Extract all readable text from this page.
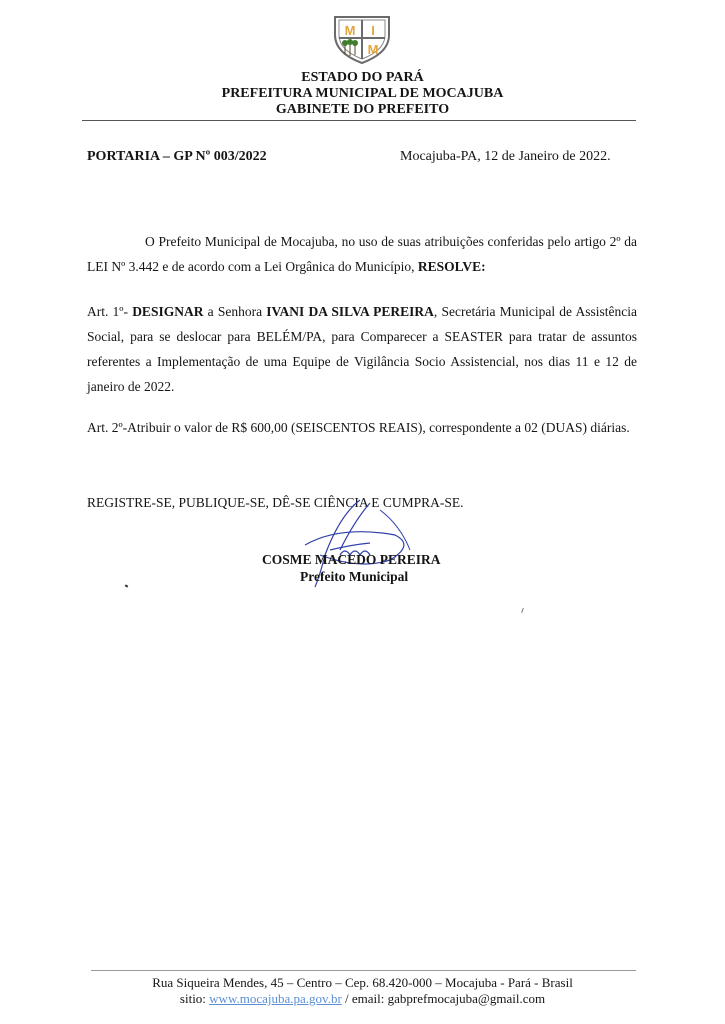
M I
M
ESTADO DO PARÁ
PREFEITURA MUNICIPAL DE MOCAJUBA
GABINETE DO PREFEITO
PORTARIA – GP Nº 003/2022	Mocajuba-PA, 12 de Janeiro de 2022.
O Prefeito Municipal de Mocajuba, no uso de suas atribuições conferidas pelo artigo 2º da LEI Nº 3.442 e de acordo com a Lei Orgânica do Município, RESOLVE:
Art. 1º- DESIGNAR a Senhora IVANI DA SILVA PEREIRA, Secretária Municipal de Assistência Social, para se deslocar para BELÉM/PA, para Comparecer a SEASTER para tratar de assuntos referentes a Implementação de uma Equipe de Vigilância Socio Assistencial, nos dias 11 e 12 de janeiro de 2022.
Art. 2º-Atribuir o valor de R$ 600,00 (SEISCENTOS REAIS), correspondente a 02 (DUAS) diárias.
REGISTRE-SE, PUBLIQUE-SE, DÊ-SE CIÊNCIA E CUMPRA-SE.
COSME MACEDO PEREIRA
Prefeito Municipal
Rua Siqueira Mendes, 45 – Centro – Cep. 68.420-000 – Mocajuba - Pará - Brasil
sitio: www.mocajuba.pa.gov.br / email: gabprefmocajuba@gmail.com
